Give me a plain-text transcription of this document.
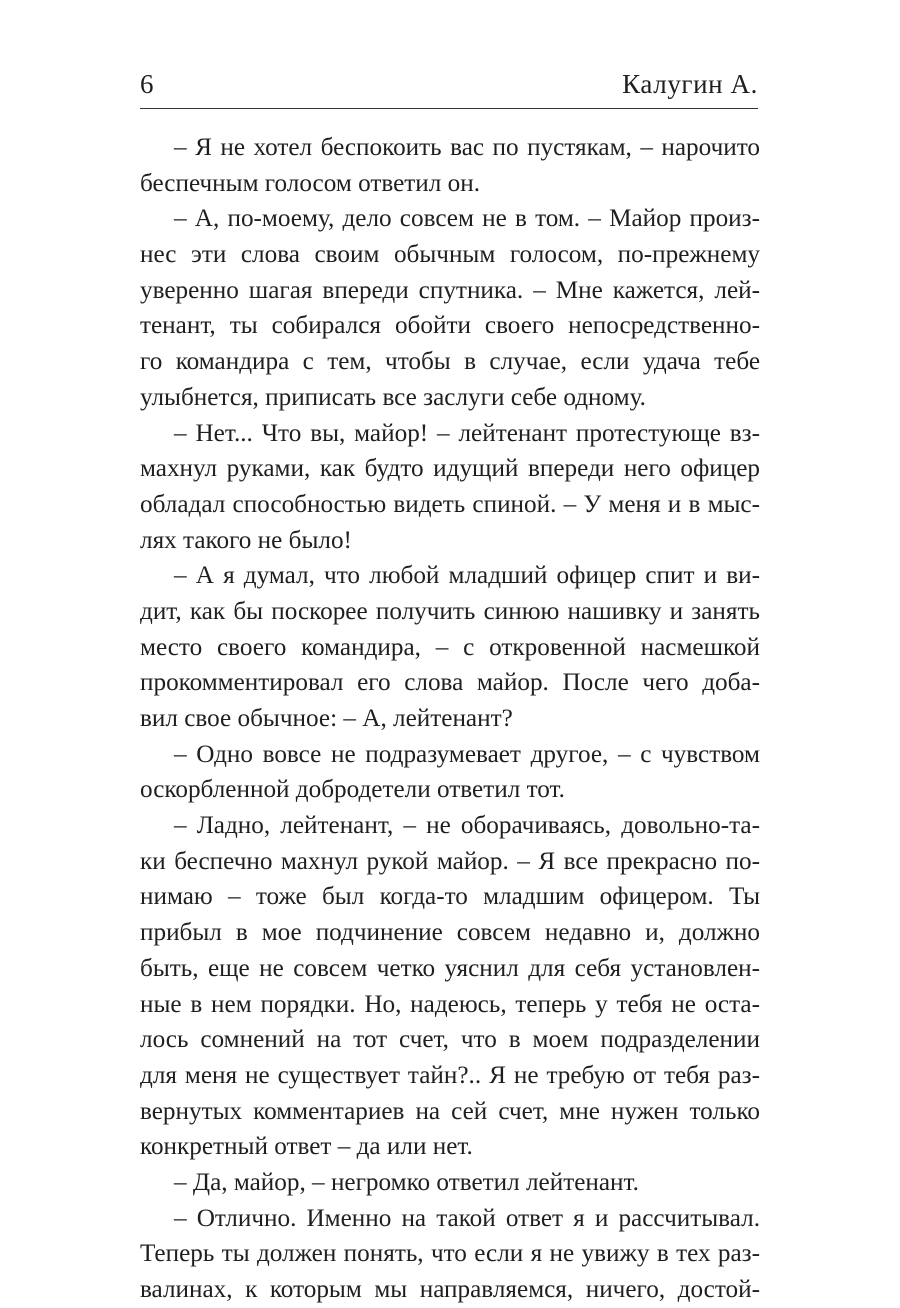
6	Калугин А.
– Я не хотел беспокоить вас по пустякам, – нарочито
беспечным голосом ответил он.
– А, по-моему, дело совсем не в том. – Майор произ-
нес эти слова своим обычным голосом, по-прежнему
уверенно шагая впереди спутника. – Мне кажется, лей-
тенант, ты собирался обойти своего непосредственно-
го командира с тем, чтобы в случае, если удача тебе
улыбнется, приписать все заслуги себе одному.
– Нет... Что вы, майор! – лейтенант протестующе вз-
махнул руками, как будто идущий впереди него офицер
обладал способностью видеть спиной. – У меня и в мыс-
лях такого не было!
– А я думал, что любой младший офицер спит и ви-
дит, как бы поскорее получить синюю нашивку и занять
место своего командира, – с откровенной насмешкой
прокомментировал его слова майор. После чего доба-
вил свое обычное: – А, лейтенант?
– Одно вовсе не подразумевает другое, – с чувством
оскорбленной добродетели ответил тот.
– Ладно, лейтенант, – не оборачиваясь, довольно-та-
ки беспечно махнул рукой майор. – Я все прекрасно по-
нимаю – тоже был когда-то младшим офицером. Ты
прибыл в мое подчинение совсем недавно и, должно
быть, еще не совсем четко уяснил для себя установлен-
ные в нем порядки. Но, надеюсь, теперь у тебя не оста-
лось сомнений на тот счет, что в моем подразделении
для меня не существует тайн?.. Я не требую от тебя раз-
вернутых комментариев на сей счет, мне нужен только
конкретный ответ – да или нет.
– Да, майор, – негромко ответил лейтенант.
– Отлично. Именно на такой ответ я и рассчитывал.
Теперь ты должен понять, что если я не увижу в тех раз-
валинах, к которым мы направляемся, ничего, достой-
